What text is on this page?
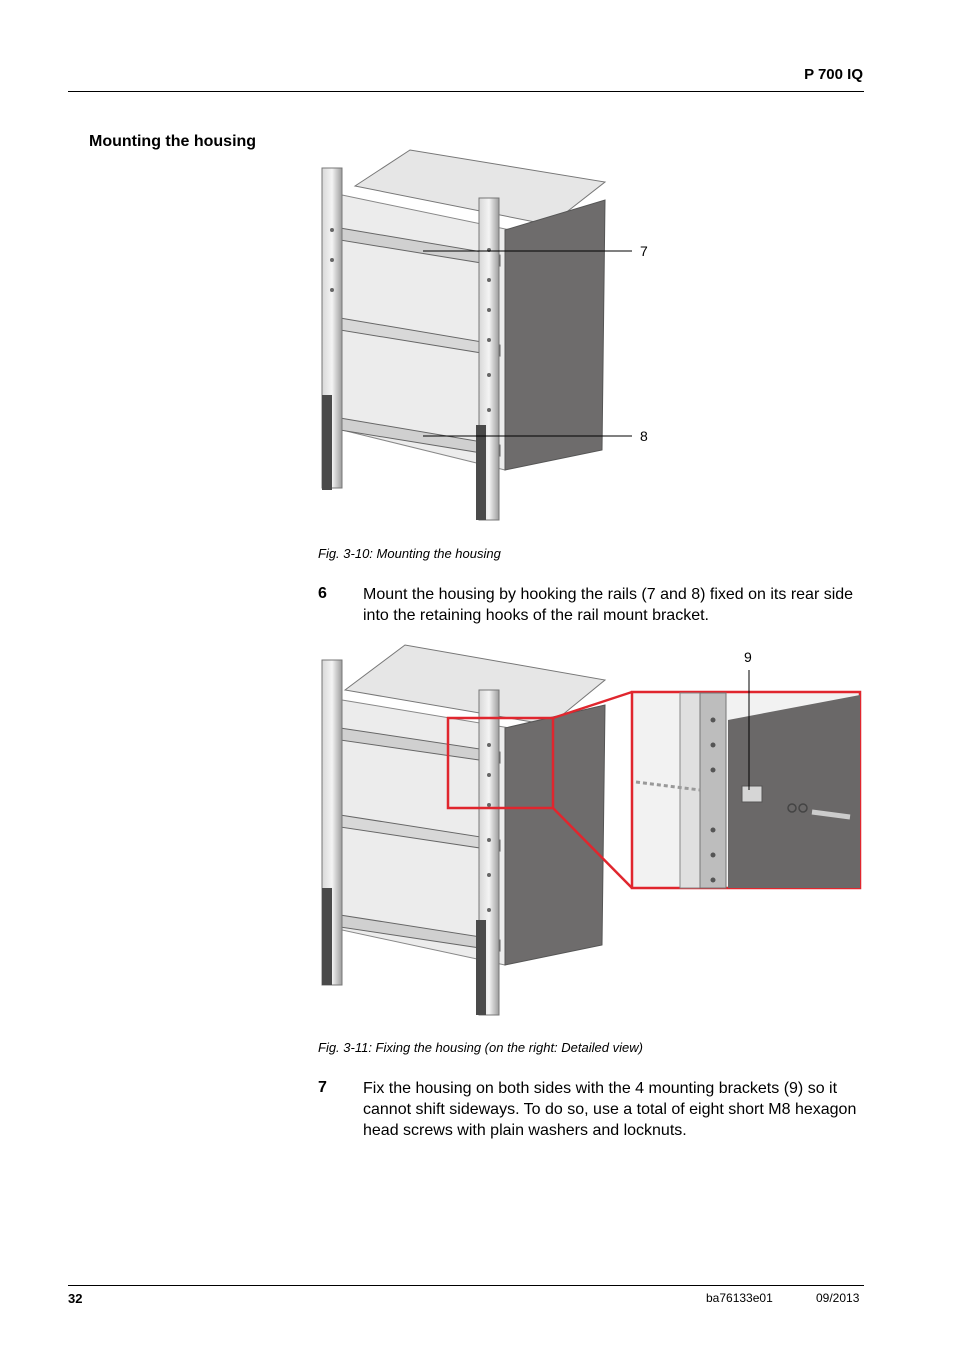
P 700 IQ
Mounting the housing
7
8
Fig. 3-10: Mounting the housing
6 Mount the housing by hooking the rails (7 and 8) fixed on its rear side into the retaining hooks of the rail mount bracket.
9
Fig. 3-11: Fixing the housing (on the right: Detailed view)
7 Fix the housing on both sides with the 4 mounting brackets (9) so it cannot shift sideways. To do so, use a total of eight short M8 hexagon head screws with plain washers and locknuts.
32	ba76133e01	09/2013
